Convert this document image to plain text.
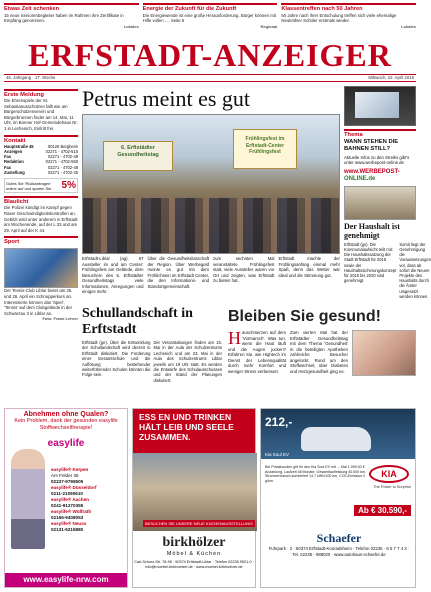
Etwas Zeit schenken
15 neue Seniorenbegleiter haben im Rahmen ihre Zertifikate in Empfang genommen.
Lokales
Energie der Zukunft für die Zukunft
Die Energiewende ist eine große Herausforderung. Bürger können mit Hilfe vollen ..., Seite 5
Regional
Klassentreffen nach 50 Jahren
50 Jahre nach ihrer Entschulung treffen sich viele ehemalige Neuköllner Schüler erstmals wieder.
Lokales
ERFSTADT-ANZEIGER
45. Jahrgang · 17. Woche	Mittwoch, 22. April 2015
Erste Meldung
Die Ehrenspiele der St. Sebastianusschützen fallt wie am Bürgerschützenverein und Bürgerbrunnen findet am 14. Mai, 11 Uhr, im Bonner Hof-Gemeindehaus Nr. 1 in Lechenich, Einlritt frei.
Kontakt
Hauptstraße 45	50126 Bergheim
Anzeigen	02271 - 4702-510
Fax	02271 - 4702-48
Redaktion	02271 - 4702-550
Fax	02271 - 4702-48
Zustellung	02271 - 4702-25
Gutes Sie 'Rückantragen' online auf und sparen Sie	5%
Blaulicht
Die Polizei kündigt im Kampf gegen Raser Geschwindigkeitskontrollen an. Gebitzt wird unter anderem in Erftstadt am Wochenende, auf der L 33 und am 29. April auf der K 44.
Sport
Der Tennis-Club Liblar bietet am 25. und 26. April ein Schnupperkurs an. Interessierte können das 'Spiel', 'Tennis' auf dem Clubgelände in der Schwarzau 3 in Liblar an.
Foto: Frank Lehrer
Petrus meint es gut
6. Erftstädter Gesundheitstag
Frühlingsfest im Erftstadt-Center Frühlingsfest
Erftstadt-Liblar (ag). 67 Aussteller im und am Center: Frühlingsfest am Gelände, dem Besuchern des 6. Erftstädter Gesundheitstags viele Informationen, Anregungen und einiges mehr.
Über die Gesundheitsbotschaft der Region. Über Werbegeld meinte es gut mit dem Fröhlichsein im Erftstadt Center, die den Informations- und Standortgemeinschaft.
zum sechsten Mal veranstaltete. Frühlingsfest statt, viele Aussteller waren vor Ort und zeigten, was Erftstadt zu bieten hat.
Erftstadt machte der Frühlingsanfang einmal mehr Spaß, denn das Wetter war ideal und die Stimmung gut.
Thema
WANN STEHEN DIE BAHNEN STILL?
Aktuelle Infos zu den Streiks gibt's unter www.werbepost-online.de
www.WERBEPOST-
ONLINE.de
Der Haushalt ist genehmigt
Erftstadt (gs). Die Kommunalaufsicht teilt mit: Die Haushaltssatzung der Stadt Erftstadt für 2015 sowie der Haushaltssicherungskonzept für 2015 bis 2020 sind genehmigt.
Somit liegt der Genehmigung die Voraussetzungen vor, dass ab sofort die Neuen Projekte des Haushalts durch die Ämter umgesetzt werden können.
Schullandschaft in Erftstadt
Erftstadt (ge). Über die Entwicklung der Schullandschaft wird derzeit in Erftstadt diskutiert. Die Forderung einer Gesamtschule und die Auflösung bestehender weiterführender Schulen könnten die Folge sein.
Die Veranstaltungen finden am 15. Mai in der Aula der Schulzentrums Lechenich und am 23. Mai in der Aula des Schulzentrums Liblar jeweils um 19 Uhr statt. Es werden die Entwürfe des Schulausschusses und der Stand der Planungen diskutiert.
Bleiben Sie gesund!
Hauschmerzen auf dem 'Vormarsch'. Was tun, wenn die Haut läuft und die Augen jucken? Erfahren Sie, wie Hightech im Dienst der Lebensqualität durch mehr Komfort und weniger Stress verbessert.
Zum vierten Mal hat der Erftstädter Gesundheitstag mit dem Thema 'Gesundheit' in die beteiligten Apotheken zahlreiche Besucher angelockt. Rund um den Stoffwechsel, über Diabetes und Herzgesundheit ging es.
Abnehmen ohne Qualen?
Kein Problem, dank der gesunden easylife Stoffwechseltherapie!
easylife
easylife® Kerpen
Am Felder 36
02237-9799505
easylife® Düsseldorf
0211-21090610
easylife® Aachen
0241-91270355
easylife® Wülfrath
02166-9408053
easylife® Neuss
02131-5215880
www.easylife-nrw.com
ESS EN UND TRINKEN HÄLT LEIB UND SEELE ZUSAMMEN.
BESUCHEN SIE UNSERE NEUE KÜCHENAUSSTELLUNG!
birkhölzer
Möbel & Küchen
Carl-Schurz-Str. 78-96 · 50374 Erftstadt-Liblar · Telefon 02235 9521-0 · info@moebel-birkhoelzer.de · www.moebel-birkhoelzer.de
212,-
Kia Soul EV
Bei Privatkunden gilt für den Kia Soul EV mit ... Mal 1.090,00 € Anzahlung, Laufzeit 48 Monate, Gesamtlaufleistung 40.000 km. Stromverbrauch kombiniert 14,7 kWh/100 km, CO2-Emission 0 g/km.
KIA
The Power to Surprise
Ab € 30.590,-
Schaefer
Fuhrpark · 2 · 50374 Erftstadt-Konradsheim · Telefon 02235 · 6 5 7 7 4 3 · Tel. 02235 - 988020 · www.autohaus-schaefer.de
